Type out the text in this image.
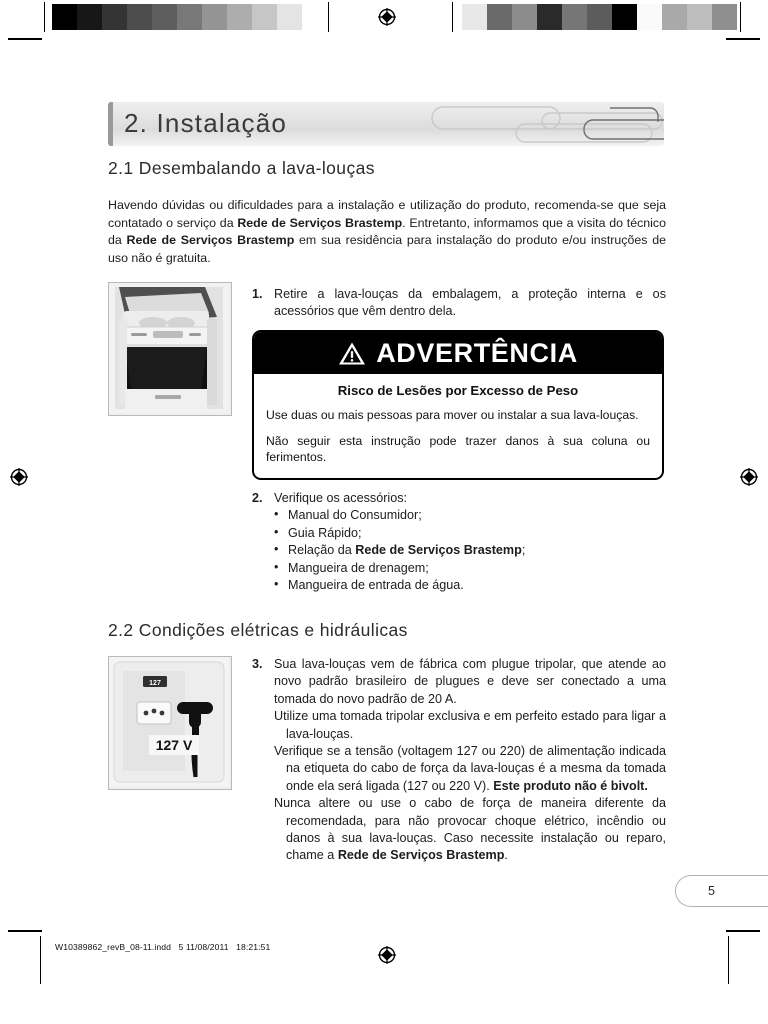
2. Instalação
2.1 Desembalando a lava-louças
Havendo dúvidas ou dificuldades para a instalação e utilização do produto, recomenda-se que seja contatado o serviço da Rede de Serviços Brastemp. Entretanto, informamos que a visita do técnico da Rede de Serviços Brastemp em sua residência para instalação do produto e/ou instruções de uso não é gratuita.
1. Retire a lava-louças da embalagem, a proteção interna e os acessórios que vêm dentro dela.
ADVERTÊNCIA
Risco de Lesões por Excesso de Peso
Use duas ou mais pessoas para mover ou instalar a sua lava-louças.
Não seguir esta instrução pode trazer danos à sua coluna ou ferimentos.
2. Verifique os acessórios:
• Manual do Consumidor;
• Guia Rápido;
• Relação da Rede de Serviços Brastemp;
• Mangueira de drenagem;
• Mangueira de entrada de água.
2.2 Condições elétricas e hidráulicas
127
127 V
3. Sua lava-louças vem de fábrica com plugue tripolar, que atende ao novo padrão brasileiro de plugues e deve ser conectado a uma tomada do novo padrão de 20 A.
Utilize uma tomada tripolar exclusiva e em perfeito estado para ligar a lava-louças.
Verifique se a tensão (voltagem 127 ou 220) de alimentação indicada na etiqueta do cabo de força da lava-louças é a mesma da tomada onde ela será ligada (127 ou 220 V). Este produto não é bivolt.
Nunca altere ou use o cabo de força de maneira diferente da recomendada, para não provocar choque elétrico, incêndio ou danos à sua lava-louças. Caso necessite instalação ou reparo, chame a Rede de Serviços Brastemp.
5
W10389862_revB_08-11.indd   5 11/08/2011   18:21:51
